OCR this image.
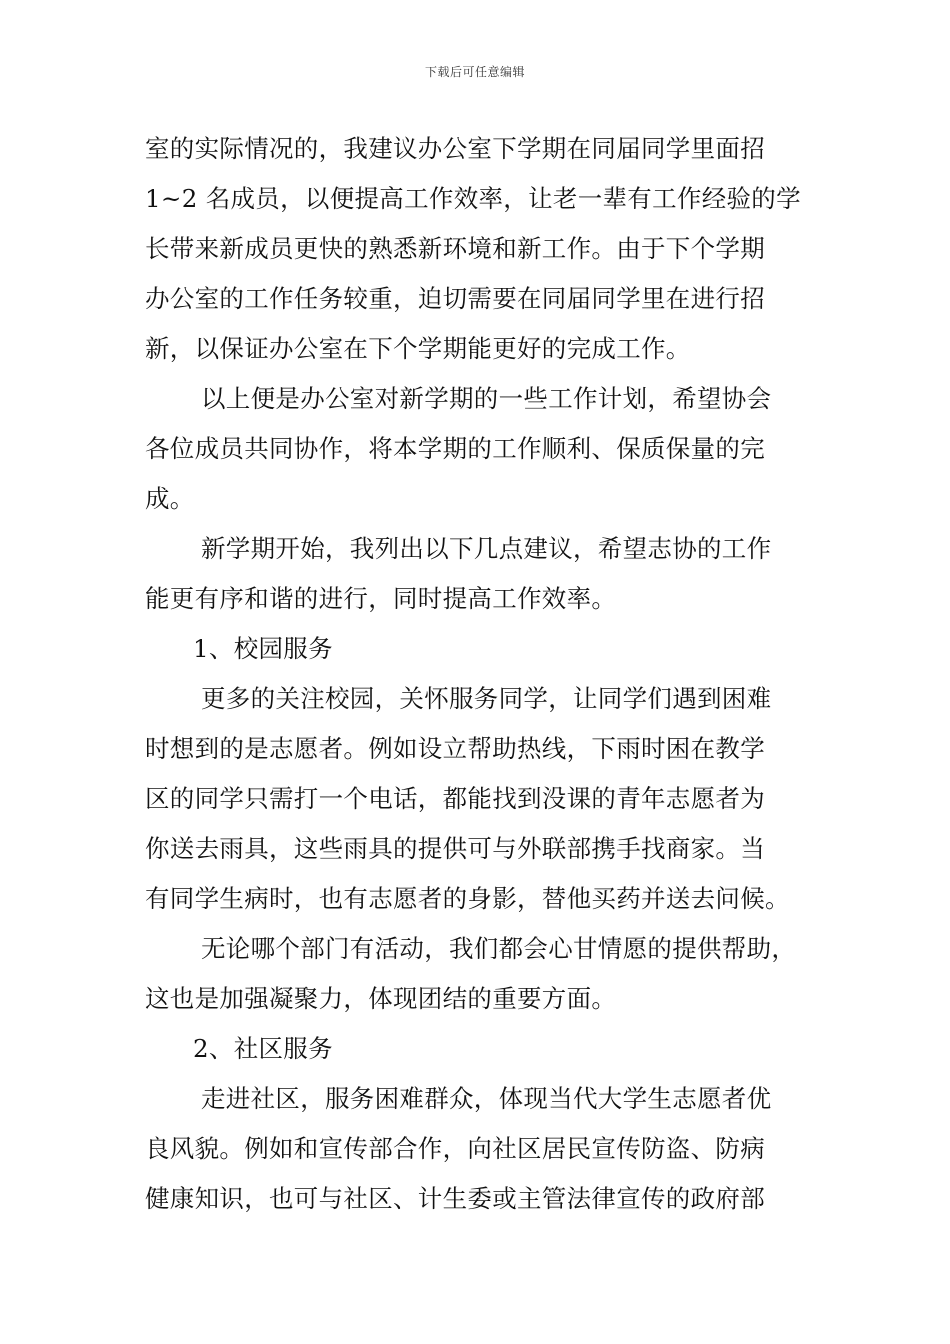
下载后可任意编辑
室的实际情况的，我建议办公室下学期在同届同学里面招
1~2 名成员，以便提高工作效率，让老一辈有工作经验的学
长带来新成员更快的熟悉新环境和新工作。由于下个学期
办公室的工作任务较重，迫切需要在同届同学里在进行招
新，以保证办公室在下个学期能更好的完成工作。
以上便是办公室对新学期的一些工作计划，希望协会
各位成员共同协作，将本学期的工作顺利、保质保量的完
成。
新学期开始，我列出以下几点建议，希望志协的工作
能更有序和谐的进行，同时提高工作效率。
1、校园服务
更多的关注校园，关怀服务同学，让同学们遇到困难
时想到的是志愿者。例如设立帮助热线，下雨时困在教学
区的同学只需打一个电话，都能找到没课的青年志愿者为
你送去雨具，这些雨具的提供可与外联部携手找商家。当
有同学生病时，也有志愿者的身影，替他买药并送去问候。
无论哪个部门有活动，我们都会心甘情愿的提供帮助，
这也是加强凝聚力，体现团结的重要方面。
2、社区服务
走进社区，服务困难群众，体现当代大学生志愿者优
良风貌。例如和宣传部合作，向社区居民宣传防盗、防病
健康知识，也可与社区、计生委或主管法律宣传的政府部
